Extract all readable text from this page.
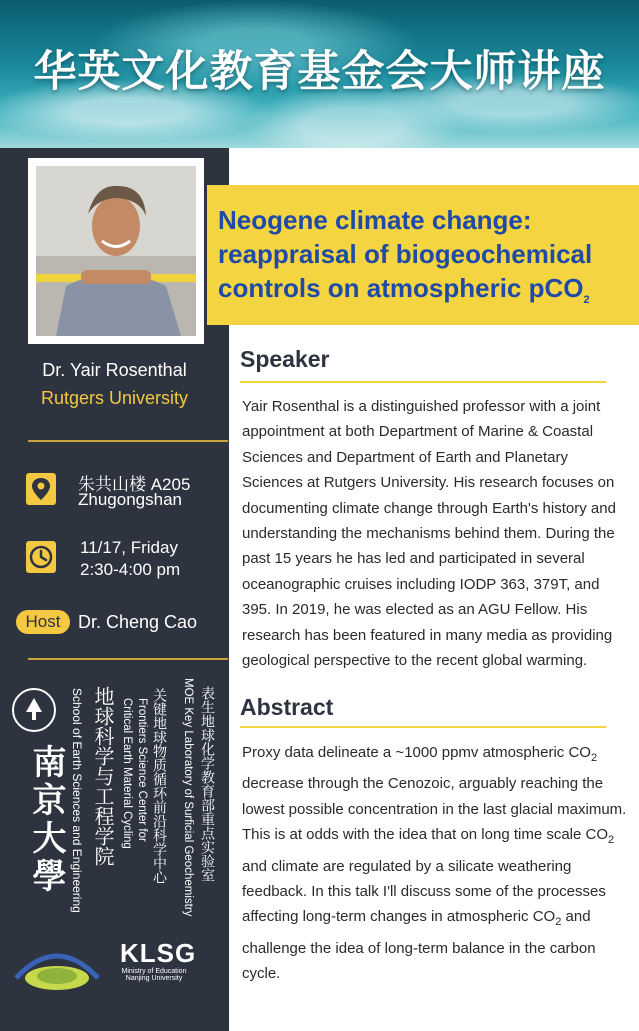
华英文化教育基金会大师讲座
Dr. Yair Rosenthal
Rutgers University
朱共山楼 A205
Zhugongshan
11/17, Friday
2:30-4:00 pm
Host Dr. Cheng Cao
南京大學 地球科学与工程学院
School of Earth Sciences and Engineering	关键地球物质循环前沿科学中心
Frontiers Science Center for
Critical Earth Material Cycling	表生地球化学教育部重点实验室
MOE Key Laboratory of Surficial Geochemistry
KLSG
Ministry of Education
Nanjing University
Neogene climate change:
reappraisal of biogeochemical
controls on atmospheric pCO$_2$
Speaker

Yair Rosenthal is a distinguished professor with a joint appointment at both Department of Marine & Coastal Sciences and Department of Earth and Planetary Sciences at Rutgers University. His research focuses on documenting climate change through Earth's history and understanding the mechanisms behind them. During the past 15 years he has led and participated in several oceanographic cruises including IODP 363, 379T, and 395. In 2019, he was elected as an AGU Fellow. His research has been featured in many media as providing geological perspective to the recent global warming.

Abstract

Proxy data delineate a ~1000 ppmv atmospheric $CO_2$ decrease through the Cenozoic, arguably reaching the lowest possible concentration in the last glacial maximum. This is at odds with the idea that on long time scale $CO_2$ and climate are regulated by a silicate weathering feedback. In this talk I'll discuss some of the processes affecting long-term changes in atmospheric $CO_2$ and challenge the idea of long-term balance in the carbon cycle.
